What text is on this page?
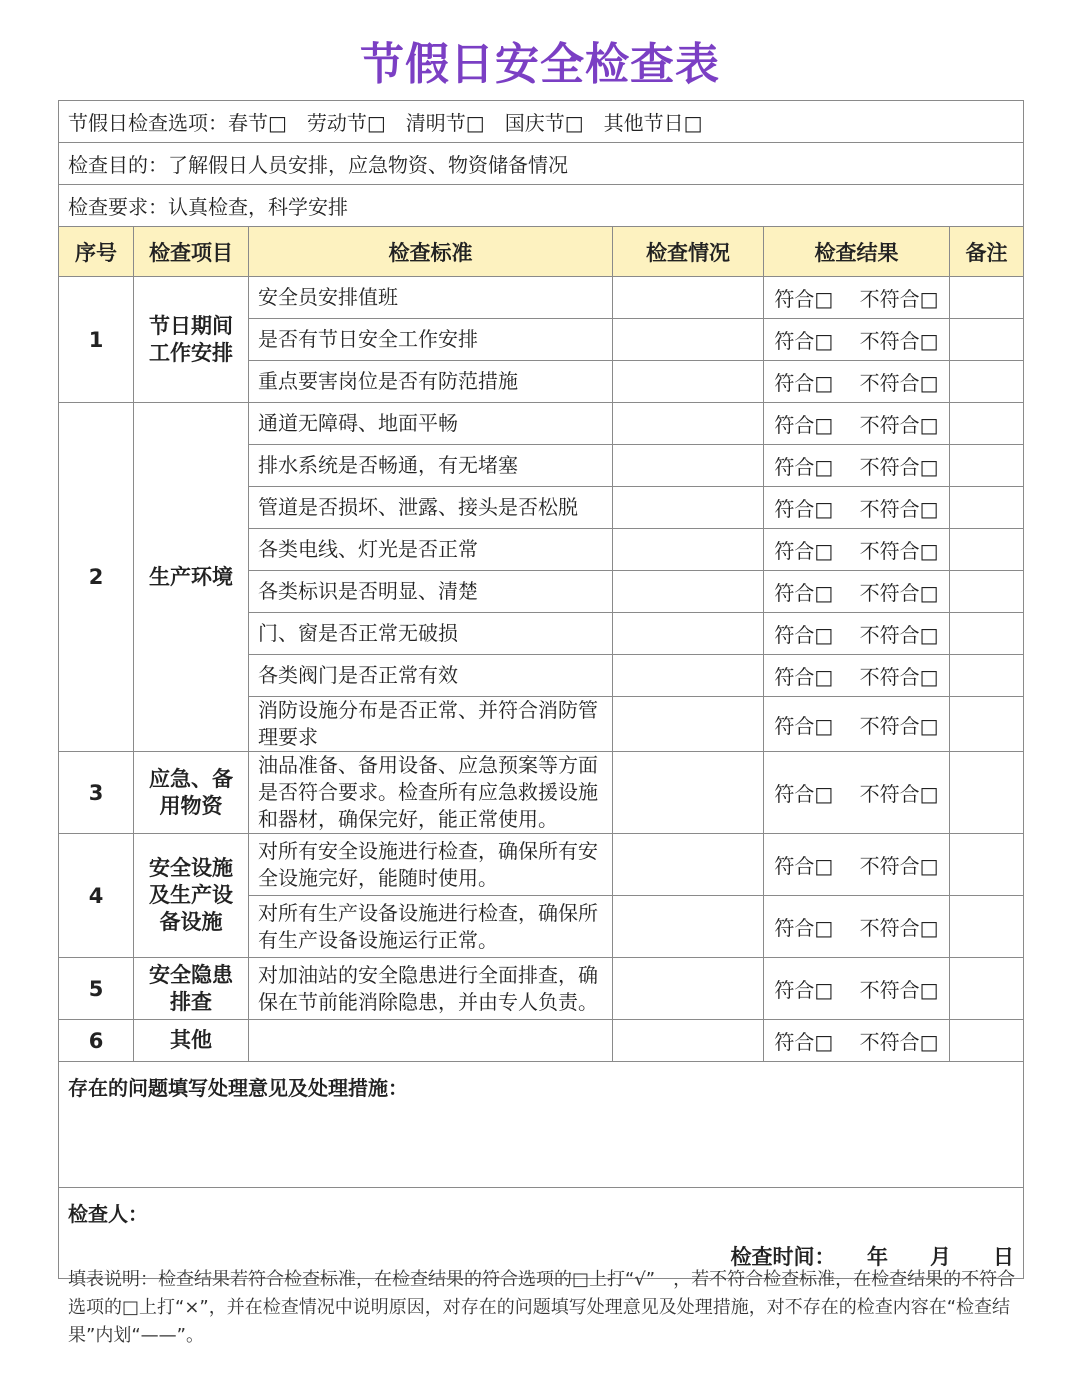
节假日安全检查表
节假日检查选项：春节□　劳动节□　清明节□　国庆节□　其他节日□					
检查目的：了解假日人员安排，应急物资、物资储备情况					
检查要求：认真检查，科学安排					
序号	检查项目	检查标准	检查情况	检查结果	备注
1	节日期间工作安排	安全员安排值班		符合□　 不符合□	
		是否有节日安全工作安排		符合□　 不符合□	
		重点要害岗位是否有防范措施		符合□　 不符合□	
2	生产环境	通道无障碍、地面平畅		符合□　 不符合□	
		排水系统是否畅通，有无堵塞		符合□　 不符合□	
		管道是否损坏、泄露、接头是否松脱		符合□　 不符合□	
		各类电线、灯光是否正常		符合□　 不符合□	
		各类标识是否明显、清楚		符合□　 不符合□	
		门、窗是否正常无破损		符合□　 不符合□	
		各类阀门是否正常有效		符合□　 不符合□	
		消防设施分布是否正常、并符合消防管理要求		符合□　 不符合□	
3	应急、备用物资	油品准备、备用设备、应急预案等方面是否符合要求。检查所有应急救援设施和器材，确保完好，能正常使用。		符合□　 不符合□	
4	安全设施及生产设备设施	对所有安全设施进行检查，确保所有安全设施完好，能随时使用。		符合□　 不符合□	
		对所有生产设备设施进行检查，确保所有生产设备设施运行正常。		符合□　 不符合□	
5	安全隐患排查	对加油站的安全隐患进行全面排查，确保在节前能消除隐患，并由专人负责。		符合□　 不符合□	
6	其他			符合□　 不符合□	
存在的问题填写处理意见及处理措施：					

检查人：
检查时间：　　年　　月　　日					
填表说明：检查结果若符合检查标准，在检查结果的符合选项的□上打“√”　，若不符合检查标准，在检查结果的不符合选项的□上打“×”，并在检查情况中说明原因，对存在的问题填写处理意见及处理措施，对不存在的检查内容在“检查结果”内划“——”。
